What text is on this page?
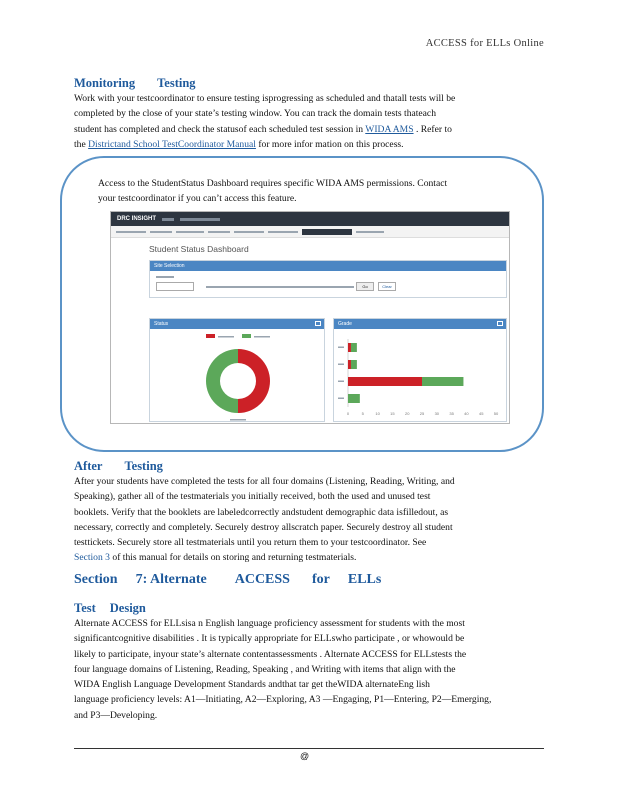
ACCESS for ELLs Online
Monitoring Testing

Work with your testcoordinator to ensure testing isprogressing as scheduled and thatall tests will be
completed by the close of your state’s testing window. You can track the domain tests thateach
student has completed and check the statusof each scheduled test session in WIDA AMS . Refer to
the Districtand School TestCoordinator Manual for more infor mation on this process.

Access to the StudentStatus Dashboard requires specific WIDA AMS permissions. Contact
your testcoordinator if you can’t access this feature.
DRC INSIGHT
Student Status Dashboard
Site Selection
Go	Clear
Status	Grade
0	5	10	15	20	25	30	35	40	45	50
After Testing

After your students have completed the tests for all four domains (Listening, Reading, Writing, and
Speaking), gather all of the testmaterials you initially received, both the used and unused test
booklets. Verify that the booklets are labeledcorrectly andstudent demographic data isfilledout, as
necessary, correctly and completely. Securely destroy allscratch paper. Securely destroy all student
testtickets. Securely store all testmaterials until you return them to your testcoordinator. See
Section 3 of this manual for details on storing and returning testmaterials.

Section 7: Alternate ACCESS for ELLs
Test Design

Alternate ACCESS for ELLsisa n English language proficiency assessment for students with the most
significantcognitive disabilities . It is typically appropriate for ELLswho participate , or whowould be
likely to participate, inyour state’s alternate contentassessments . Alternate ACCESS for ELLstests the
four language domains of Listening, Reading, Speaking , and Writing with items that align with the
WIDA English Language Development Standards andthat tar get theWIDA alternateEng lish
language proficiency levels: A1—Initiating, A2—Exploring, A3 —Engaging, P1—Entering, P2—Emerging,
and P3—Developing.

@
